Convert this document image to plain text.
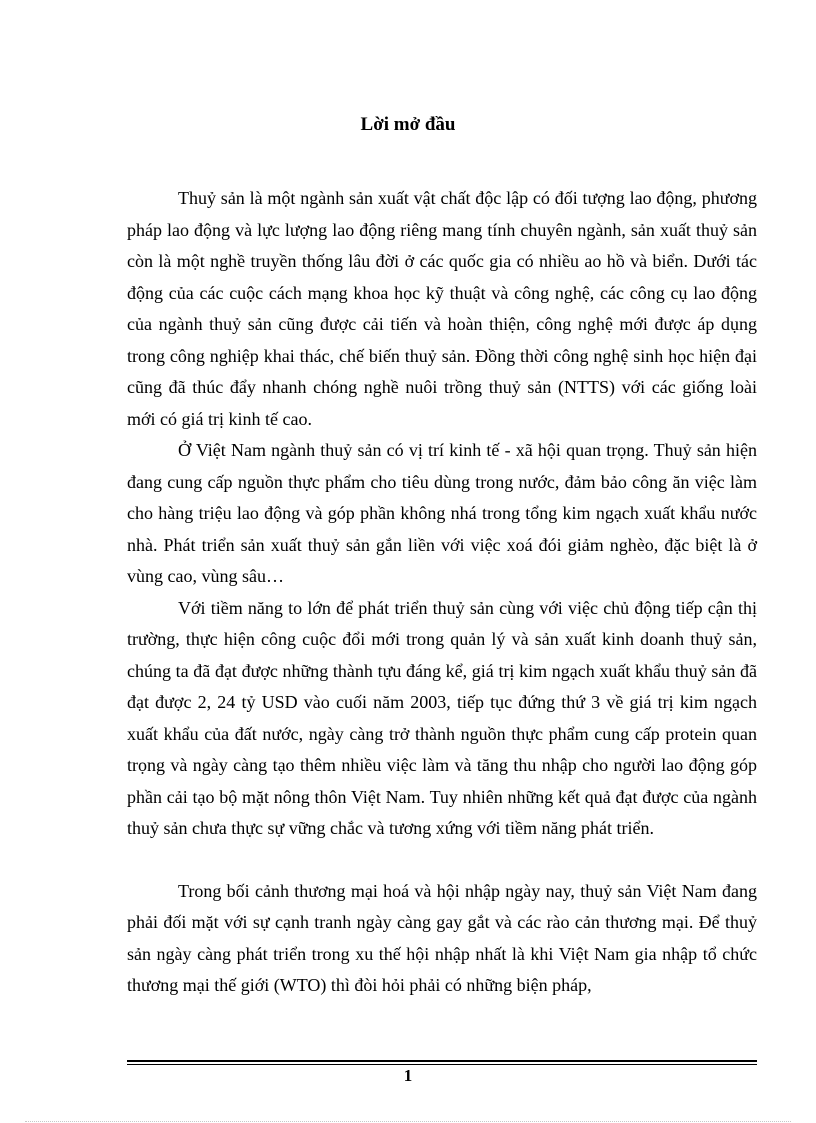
Lời mở đầu

Thuỷ sản là một ngành sản xuất vật chất độc lập có đối tượng lao động, phương pháp lao động và lực lượng lao động riêng mang tính chuyên ngành, sản xuất thuỷ sản còn là một nghề truyền thống lâu đời ở các quốc gia có nhiều ao hồ và biển. Dưới tác động của các cuộc cách mạng khoa học kỹ thuật và công nghệ, các công cụ lao động của ngành thuỷ sản cũng được cải tiến và hoàn thiện, công nghệ mới được áp dụng trong công nghiệp khai thác, chế biến thuỷ sản. Đồng thời công nghệ sinh học hiện đại cũng đã thúc đẩy nhanh chóng nghề nuôi trồng thuỷ sản (NTTS) với các giống loài mới có giá trị kinh tế cao.

Ở Việt Nam ngành thuỷ sản có vị trí kinh tế - xã hội quan trọng. Thuỷ sản hiện đang cung cấp nguồn thực phẩm cho tiêu dùng trong nước, đảm bảo công ăn việc làm cho hàng triệu lao động và góp phần không nhá trong tổng kim ngạch xuất khẩu nước nhà. Phát triển sản xuất thuỷ sản gắn liền với việc xoá đói giảm nghèo, đặc biệt là ở vùng cao, vùng sâu…

Với tiềm năng to lớn để phát triển thuỷ sản cùng với việc chủ động tiếp cận thị trường, thực hiện công cuộc đổi mới trong quản lý và sản xuất kinh doanh thuỷ sản, chúng ta đã đạt được những thành tựu đáng kể, giá trị kim ngạch xuất khẩu thuỷ sản đã đạt được 2, 24 tỷ USD vào cuối năm 2003, tiếp tục đứng thứ 3 về giá trị kim ngạch xuất khẩu của đất nước, ngày càng trở thành nguồn thực phẩm cung cấp protein quan trọng và ngày càng tạo thêm nhiều việc làm và tăng thu nhập cho người lao động góp phần cải tạo bộ mặt nông thôn Việt Nam. Tuy nhiên những kết quả đạt được của ngành thuỷ sản chưa thực sự vững chắc và tương xứng với tiềm năng phát triển.

Trong bối cảnh thương mại hoá và hội nhập ngày nay, thuỷ sản Việt Nam đang phải đối mặt với sự cạnh tranh ngày càng gay gắt và các rào cản thương mại. Để thuỷ sản ngày càng phát triển trong xu thế hội nhập nhất là khi Việt Nam gia nhập tổ chức thương mại thế giới (WTO) thì đòi hỏi phải có những biện pháp,

1
